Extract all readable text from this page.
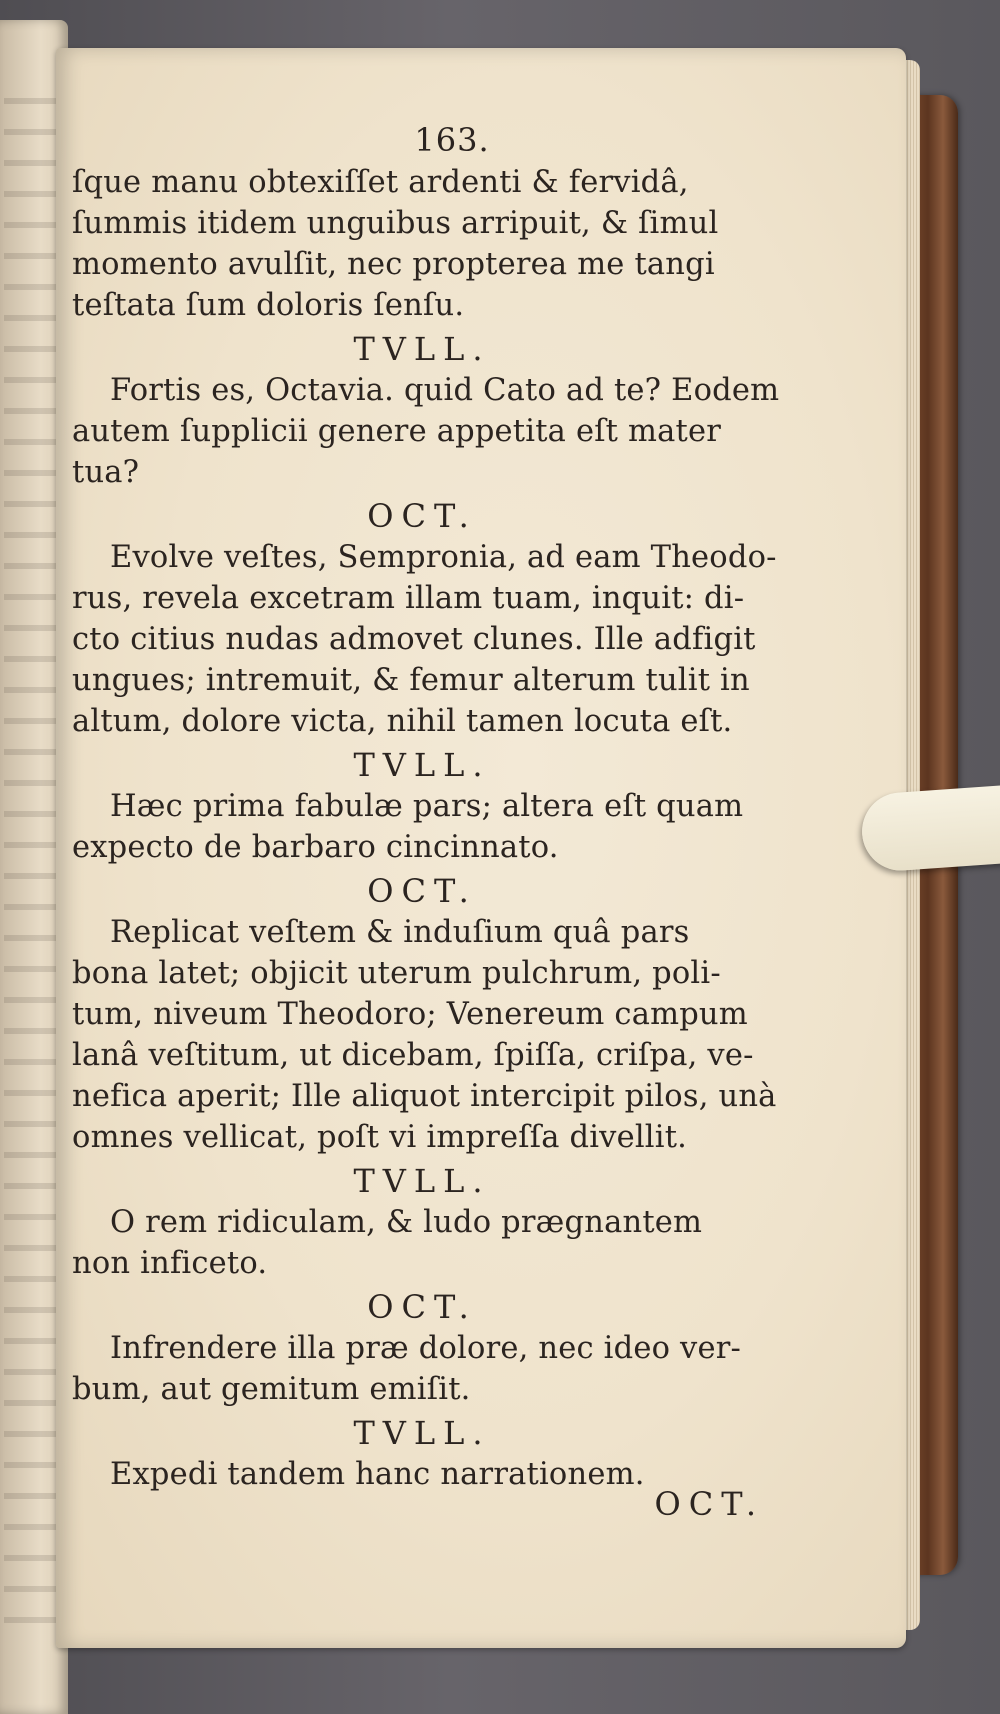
163.
ſque manu obtexiſſet ardenti & fervidâ,
ſummis itidem unguibus arripuit, & ſimul
momento avulſit, nec propterea me tangi
teſtata ſum doloris ſenſu.
TVLL.
Fortis es, Octavia. quid Cato ad te? Eodem
autem ſupplicii genere appetita eſt mater
tua?
OCT.
Evolve veſtes, Sempronia, ad eam Theodo-
rus, revela excetram illam tuam, inquit: di-
cto citius nudas admovet clunes. Ille adfigit
ungues; intremuit, & femur alterum tulit in
altum, dolore victa, nihil tamen locuta eſt.
TVLL.
Hæc prima fabulæ pars; altera eſt quam
expecto de barbaro cincinnato.
OCT.
Replicat veſtem & induſium quâ pars
bona latet; objicit uterum pulchrum, poli-
tum, niveum Theodoro; Venereum campum
lanâ veſtitum, ut dicebam, ſpiſſa, criſpa, ve-
nefica aperit; Ille aliquot intercipit pilos, unà
omnes vellicat, poſt vi impreſſa divellit.
TVLL.
O rem ridiculam, & ludo prægnantem
non inficeto.
OCT.
Infrendere illa præ dolore, nec ideo ver-
bum, aut gemitum emiſit.
TVLL.
Expedi tandem hanc narrationem.
OCT.
